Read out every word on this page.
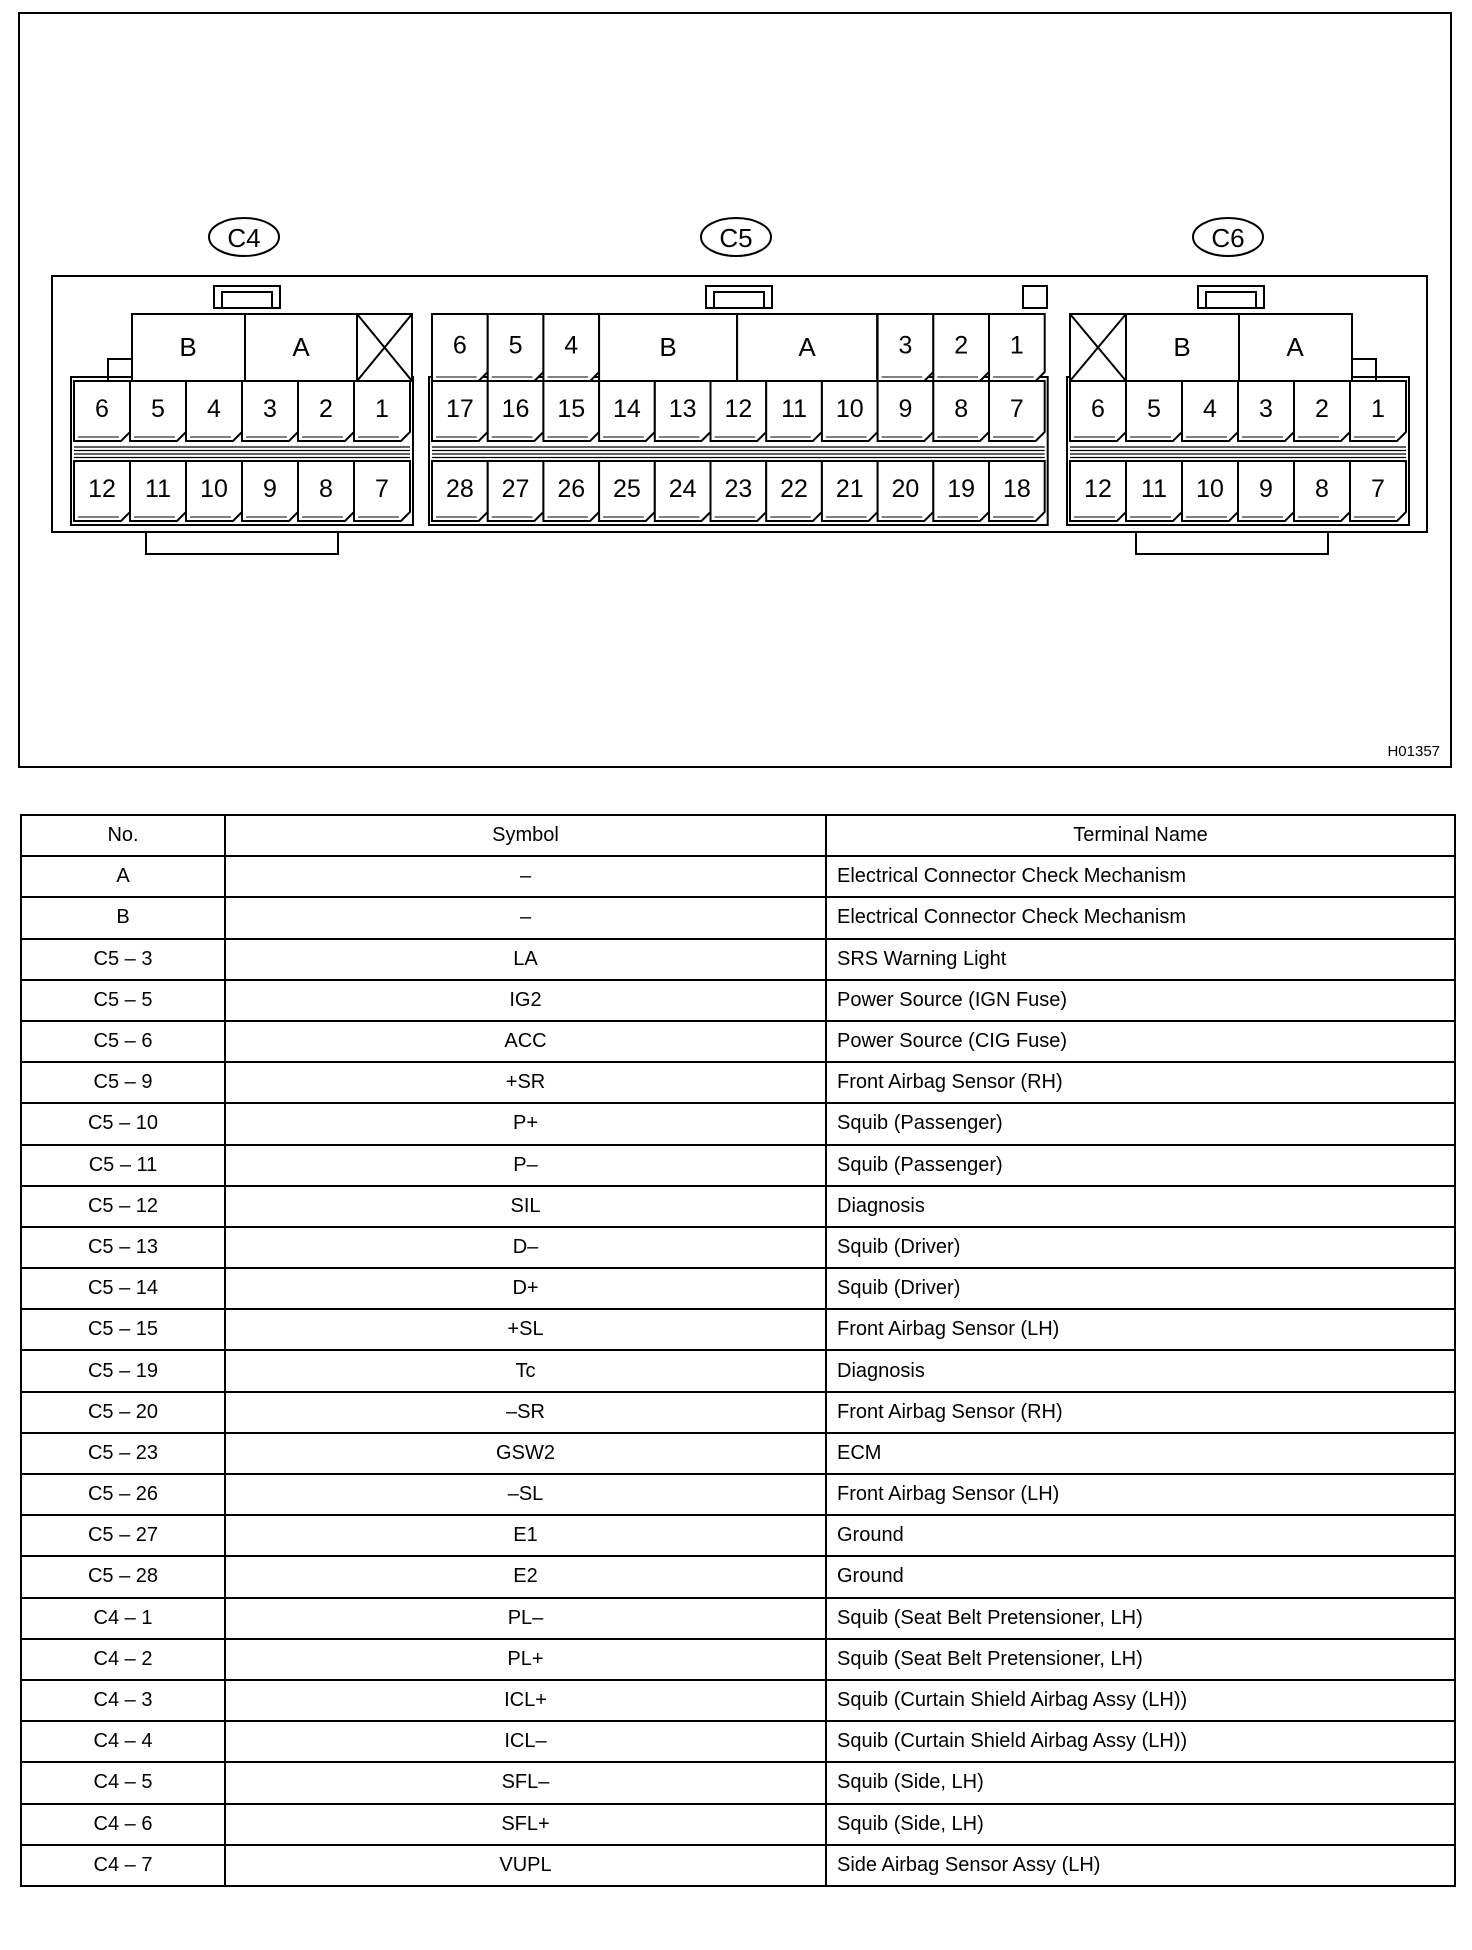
C4	C5	C6
6
12
5
11
4
10
3
9
2
8
1
7
B	A
17
28
16
27
15
26
14
25
13
24
12
23
11
22
10
21
9
20
8
19
7
18
6 5 4	B	A	3 2 1
6
12
5
11
4
10
3
9
2
8
1
7
B	A
H01357
No.	Symbol	Terminal Name
A	–	Electrical Connector Check Mechanism
B	–	Electrical Connector Check Mechanism
C5 – 3	LA	SRS Warning Light
C5 – 5	IG2	Power Source (IGN Fuse)
C5 – 6	ACC	Power Source (CIG Fuse)
C5 – 9	+SR	Front Airbag Sensor (RH)
C5 – 10	P+	Squib (Passenger)
C5 – 11	P–	Squib (Passenger)
C5 – 12	SIL	Diagnosis
C5 – 13	D–	Squib (Driver)
C5 – 14	D+	Squib (Driver)
C5 – 15	+SL	Front Airbag Sensor (LH)
C5 – 19	Tc	Diagnosis
C5 – 20	–SR	Front Airbag Sensor (RH)
C5 – 23	GSW2	ECM
C5 – 26	–SL	Front Airbag Sensor (LH)
C5 – 27	E1	Ground
C5 – 28	E2	Ground
C4 – 1	PL–	Squib (Seat Belt Pretensioner, LH)
C4 – 2	PL+	Squib (Seat Belt Pretensioner, LH)
C4 – 3	ICL+	Squib (Curtain Shield Airbag Assy (LH))
C4 – 4	ICL–	Squib (Curtain Shield Airbag Assy (LH))
C4 – 5	SFL–	Squib (Side, LH)
C4 – 6	SFL+	Squib (Side, LH)
C4 – 7	VUPL	Side Airbag Sensor Assy (LH)
